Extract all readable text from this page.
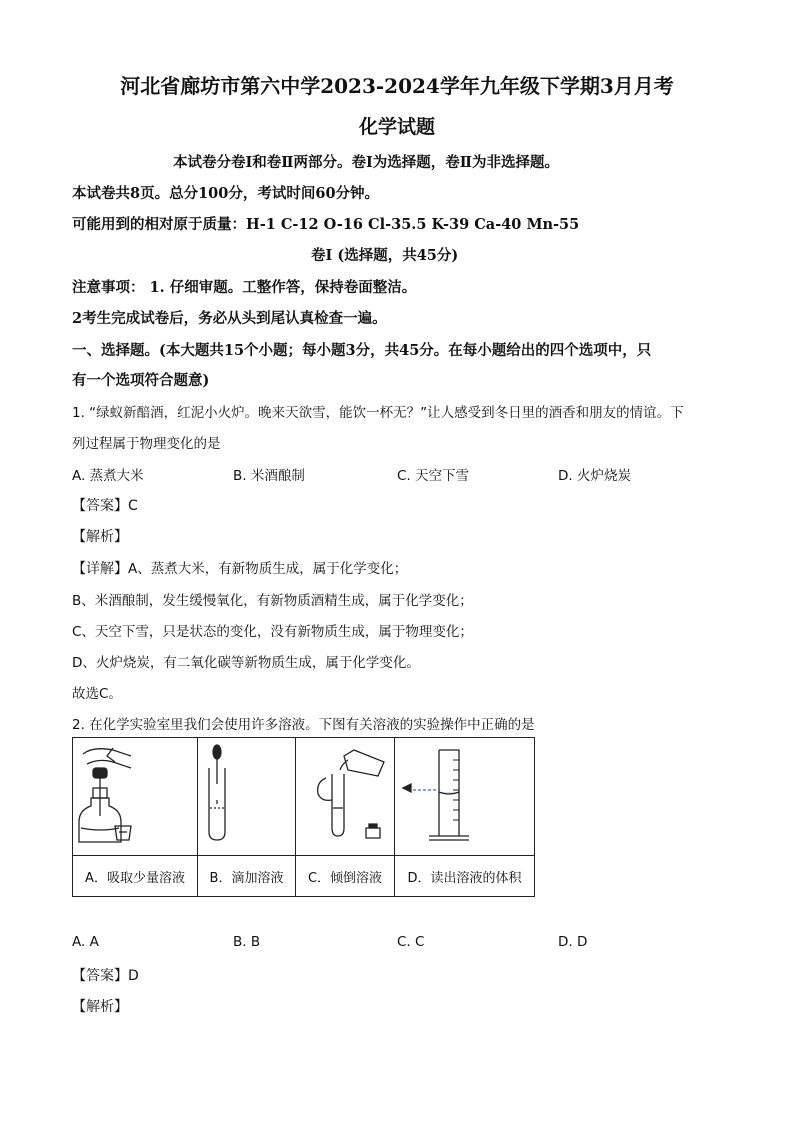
河北省廊坊市第六中学2023-2024学年九年级下学期3月月考
化学试题
本试卷分卷Ⅰ和卷Ⅱ两部分。卷Ⅰ为选择题，卷Ⅱ为非选择题。
本试卷共8页。总分100分，考试时间60分钟。
可能用到的相对原于质量：H-1 C-12 O-16 Cl-35.5 K-39 Ca-40 Mn-55
卷Ⅰ (选择题，共45分)
注意事项： 1. 仔细审题。工整作答，保持卷面整洁。
2考生完成试卷后，务必从头到尾认真检查一遍。
一、选择题。(本大题共15个小题；每小题3分，共45分。在每小题给出的四个选项中，只
有一个选项符合题意)
1. “绿蚁新醅酒，红泥小火炉。晚来天欲雪，能饮一杯无？”让人感受到冬日里的酒香和朋友的情谊。下
列过程属于物理变化的是
A. 蒸煮大米	B. 米酒酿制	C. 天空下雪	D. 火炉烧炭
【答案】C
【解析】
【详解】A、蒸煮大米，有新物质生成，属于化学变化；
B、米酒酿制，发生缓慢氧化，有新物质酒精生成，属于化学变化；
C、天空下雪，只是状态的变化，没有新物质生成，属于物理变化；
D、火炉烧炭，有二氧化碳等新物质生成，属于化学变化。
故选C。
2. 在化学实验室里我们会使用许多溶液。下图有关溶液的实验操作中正确的是

A．吸取少量溶液	B．滴加溶液	C．倾倒溶液	D．读出溶液的体积
A. A	B. B	C. C	D. D
【答案】D
【解析】
